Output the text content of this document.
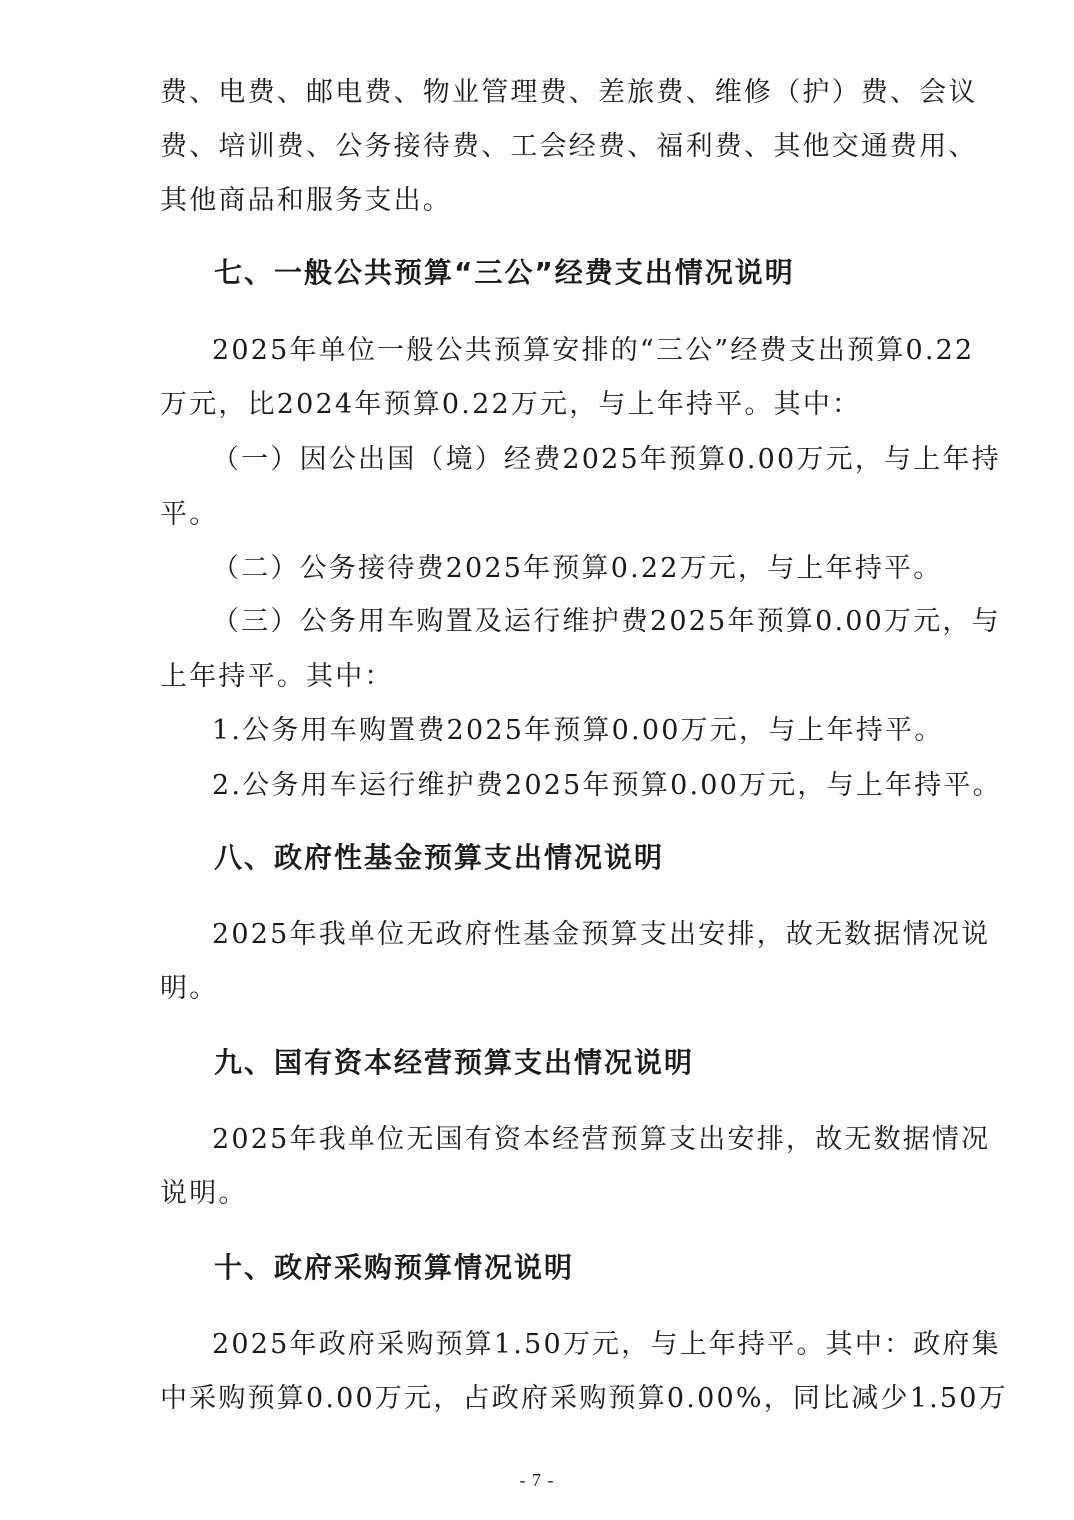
费、电费、邮电费、物业管理费、差旅费、维修（护）费、会议
费、培训费、公务接待费、工会经费、福利费、其他交通费用、
其他商品和服务支出。
七、一般公共预算“三公”经费支出情况说明
2025年单位一般公共预算安排的“三公”经费支出预算0.22
万元，比2024年预算0.22万元，与上年持平。其中：
（一）因公出国（境）经费2025年预算0.00万元，与上年持
平。
（二）公务接待费2025年预算0.22万元，与上年持平。
（三）公务用车购置及运行维护费2025年预算0.00万元，与
上年持平。其中：
1.公务用车购置费2025年预算0.00万元，与上年持平。
2.公务用车运行维护费2025年预算0.00万元，与上年持平。
八、政府性基金预算支出情况说明
2025年我单位无政府性基金预算支出安排，故无数据情况说
明。
九、国有资本经营预算支出情况说明
2025年我单位无国有资本经营预算支出安排，故无数据情况
说明。
十、政府采购预算情况说明
2025年政府采购预算1.50万元，与上年持平。其中：政府集
中采购预算0.00万元，占政府采购预算0.00%，同比减少1.50万
- 7 -
